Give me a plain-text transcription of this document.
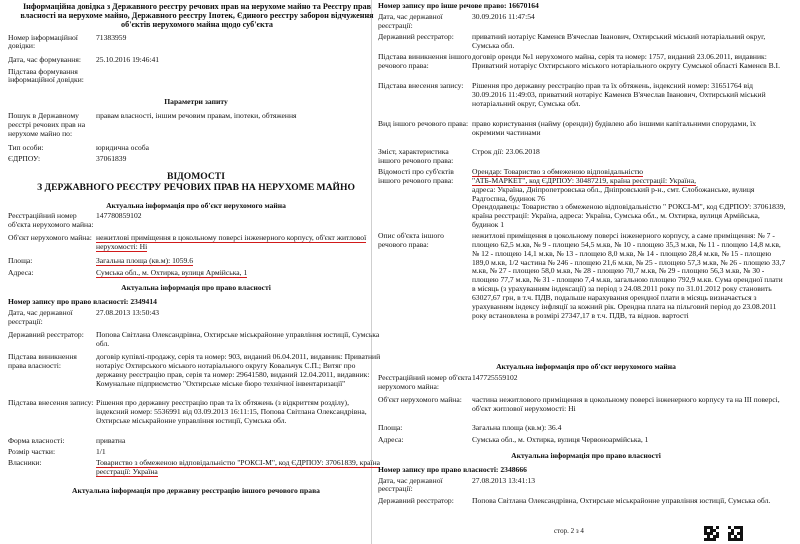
Інформаційна довідка з Державного реєстру речових прав на нерухоме майно та Реєстру прав власності на нерухоме майно, Державного реєстру Іпотек, Єдиного реєстру заборон відчуження об'єктів нерухомого майна щодо суб'єкта
Номер інформаційної довідки:
71383959
Дата, час формування:	25.10.2016 19:46:41
Підстава формування інформаційної довідки:
Параметри запиту
Пошук в Державному реєстрі речових прав на нерухоме майно по:
правам власності, іншим речовим правам, іпотеки, обтяження
Тип особи:	юридична особа
ЄДРПОУ:	37061839
ВІДОМОСТІ
З ДЕРЖАВНОГО РЕЄСТРУ РЕЧОВИХ ПРАВ НА НЕРУХОМЕ МАЙНО
Актуальна інформація про об'єкт нерухомого майна
Реєстраційний номер об'єкта нерухомого майна:
147780859102
Об'єкт нерухомого майна: нежитлові приміщення в цокольному поверсі інженерного корпусу, об'єкт житлової нерухомості: Ні
Площа:	Загальна площа (кв.м): 1059.6
Адреса:	Сумська обл., м. Охтирка, вулиця Армійська, 1
Актуальна інформація про право власності
Номер запису про право власності: 2349414
Дата, час державної реєстрації:
27.08.2013 13:50:43
Державний реєстратор:	Попова Світлана Олександрівна, Охтирське міськрайонне управління юстиції, Сумська обл.
Підстава виникнення права власності:
договір купівлі-продажу, серія та номер: 903, виданий 06.04.2011, видавник: Приватний нотаріус Охтирського міського нотаріального округу Ковальчук С.П.; Витяг про державну реєстрацію прав, серія та номер: 29641580, виданий 12.04.2011, видавник: Комунальне підприємство "Охтирське міське бюро технічної інвентаризації"
Підстава внесення запису: Рішення про державну реєстрацію прав та їх обтяжень (з відкриттям розділу), індексний номер: 5536991 від 03.09.2013 16:11:15, Попова Світлана Олександрівна, Охтирське міськрайонне управління юстиції, Сумська обл.
Форма власності:	приватна
Розмір частки:	1/1
Власники:	Товариство з обмеженою відповідальністю "РОКСІ-М", код ЄДРПОУ: 37061839, країна реєстрації: Україна
Актуальна інформація про державну реєстрацію іншого речового права
Номер запису про інше речове право: 16670164
Дата, час державної реєстрації:
30.09.2016 11:47:54
Державний реєстратор:	приватний нотаріус Каменєв В'ячеслав Іванович, Охтирський міський нотаріальний округ, Сумська обл.
Підстава виникнення іншого речового права:
договір оренди №1 нерухомого майна, серія та номер: 1757, виданий 23.06.2011, видавник: Приватний нотаріус Охтирського міського нотаріального округу Сумської області Каменєв В.І.
Підстава внесення запису:	Рішення про державну реєстрацію прав та їх обтяжень, індексний номер: 31651764 від 30.09.2016 11:49:03, приватний нотаріус Каменєв В'ячеслав Іванович, Охтирський міський нотаріальний округ, Сумська обл.
Вид іншого речового права: право користування (найму (оренди)) будівлею або іншими капітальними спорудами, їх окремими частинами
Зміст, характеристика іншого речового права:
Строк дії: 23.06.2018
Відомості про суб'єктів іншого речового права:
Орендар: Товариство з обмеженою відповідальністю
"АТБ-МАРКЕТ", код ЄДРПОУ: 30487219, країна реєстрації: Україна,
адреса: Україна, Дніпропетровська обл., Дніпровський р-н., смт. Слобожанське, вулиця Радгоспна, будинок 76
Орендодавець: Товариство з обмеженою відповідальністю " РОКСІ-М", код ЄДРПОУ: 37061839, країна реєстрації: Україна, адреса: Україна, Сумська обл., м. Охтирка, вулиця Армійська, будинок 1
Опис об'єкта іншого речового права:
нежитлові приміщення в цокольному поверсі інженерного корпусу, а саме приміщення: № 7 - площею 62,5 м.кв, № 9 - площею 54,5 м.кв, № 10 - площею 35,3 м.кв, № 11 - площею 14,8 м.кв, № 12 - площею 14,1 м.кв, № 13 - площею 8,0 м.кв, № 14 - площею 28,4 м.кв, № 15 - площею 189,0 м.кв, 1/2 частина № 246 - площею 21,6 м.кв, № 25 - площею 57,3 м.кв, № 26 - площею 33,7 м.кв, № 27 - площею 58,0 м.кв, № 28 - площею 70,7 м.кв, № 29 - площею 56,3 м.кв, № 30 - площею 77,7 м.кв, № 31 - площею 7,4 м.кв, загальною площею 792,9 м.кв. Сума орендної плати в місяць (з урахуванням індексації) за період з 24.08.2011 року по 31.01.2012 року становить 63027,67 грн, в т.ч. ПДВ, подальше нарахування орендної плати в місяць визначається з урахуванням індексу інфляції за кожний рік. Орендна плата на пільговий період до 23.08.2011 року встановлена в розмірі 27347,17 в т.ч. ПДВ, та віднов. вартості
Актуальна інформація про об'єкт нерухомого майна
Реєстраційний номер об'єкта нерухомого майна:
147725559102
Об'єкт нерухомого майна:	частина нежитлового приміщення в цокольному поверсі інженерного корпусу та на ІІІ поверсі, об'єкт житлової нерухомості: Ні
Площа:	Загальна площа (кв.м): 36.4
Адреса:	Сумська обл., м. Охтирка, вулиця Червоноармійська, 1
Актуальна інформація про право власності
Номер запису про право власності: 2348666
Дата, час державної реєстрації:
27.08.2013 13:41:13
Державний реєстратор:	Попова Світлана Олександрівна, Охтирське міськрайонне управління юстиції, Сумська обл.
стор. 2 з 4
